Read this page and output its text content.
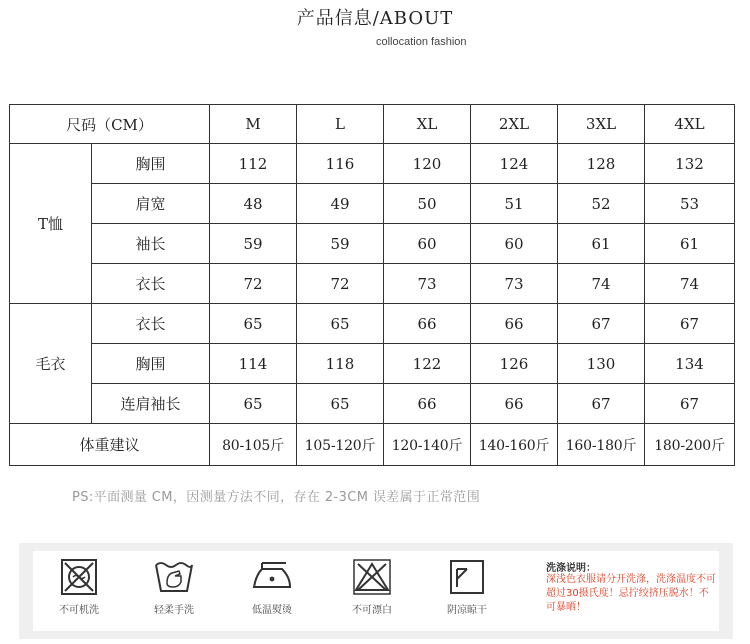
产品信息/ABOUT
collocation fashion
尺码（CM）		M	L	XL	2XL	3XL	4XL
T恤	胸围	112	116	120	124	128	132
	肩宽	48	49	50	51	52	53
	袖长	59	59	60	60	61	61
	衣长	72	72	73	73	74	74
毛衣	衣长	65	65	66	66	67	67
	胸围	114	118	122	126	130	134
	连肩袖长	65	65	66	66	67	67
体重建议		80-105斤	105-120斤	120-140斤	140-160斤	160-180斤	180-200斤
PS:平面测量 CM，因测量方法不同，存在 2-3CM 误差属于正常范围
不可机洗	轻柔手洗	低温熨烫	不可漂白	阴凉晾干
洗涤说明：
深浅色衣服请分开洗涤，洗涤温度不可超过30摄氏度！忌拧绞挤压脱水！不可暴晒！
